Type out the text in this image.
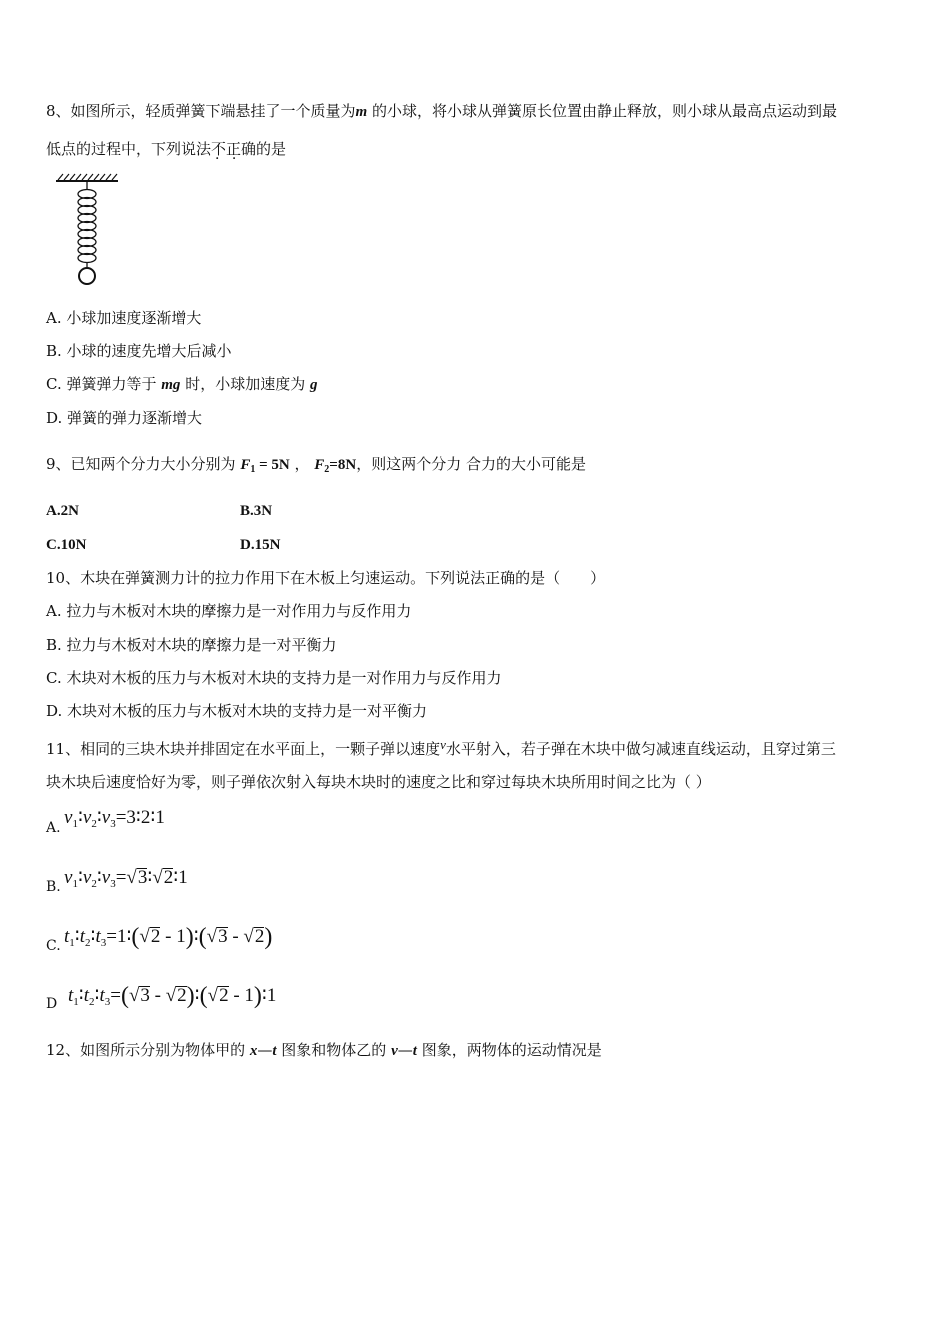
8、如图所示，轻质弹簧下端悬挂了一个质量为m 的小球，将小球从弹簧原长位置由静止释放，则小球从最高点运动到最
低点的过程中，下列说法不正确 · ·的是
A. 小球加速度逐渐增大
B. 小球的速度先增大后减小
C. 弹簧弹力等于 mg 时，小球加速度为 g
D. 弹簧的弹力逐渐增大
9、已知两个分力大小分别为 $F_1 = 5N$ ， $F_2=8N$，则这两个分力 合力的大小可能是
A.2N	B.3N
C.10N	D.15N
10、木块在弹簧测力计的拉力作用下在木板上匀速运动。下列说法正确的是（　　）
A. 拉力与木板对木块的摩擦力是一对作用力与反作用力
B. 拉力与木板对木块的摩擦力是一对平衡力
C. 木块对木板的压力与木板对木块的支持力是一对作用力与反作用力
D. 木块对木板的压力与木板对木块的支持力是一对平衡力
11、相同的三块木块并排固定在水平面上，一颗子弹以速度v水平射入，若子弹在木块中做匀减速直线运动，且穿过第三
块木块后速度恰好为零，则子弹依次射入每块木块时的速度之比和穿过每块木块所用时间之比为（ ）
A. $v_1∶v_2∶v_3=3∶2∶1$
B. $v_1∶v_2∶v_3=√3∶√2∶1$
C. $t_1∶t_2∶t_3=1∶(√2$ - 1)∶(√3 - √2)
D $t_1∶t_2∶t_3=(√3$ - √2)∶(√2 - 1)∶1
12、如图所示分别为物体甲的 x—t 图象和物体乙的 v—t 图象，两物体的运动情况是
